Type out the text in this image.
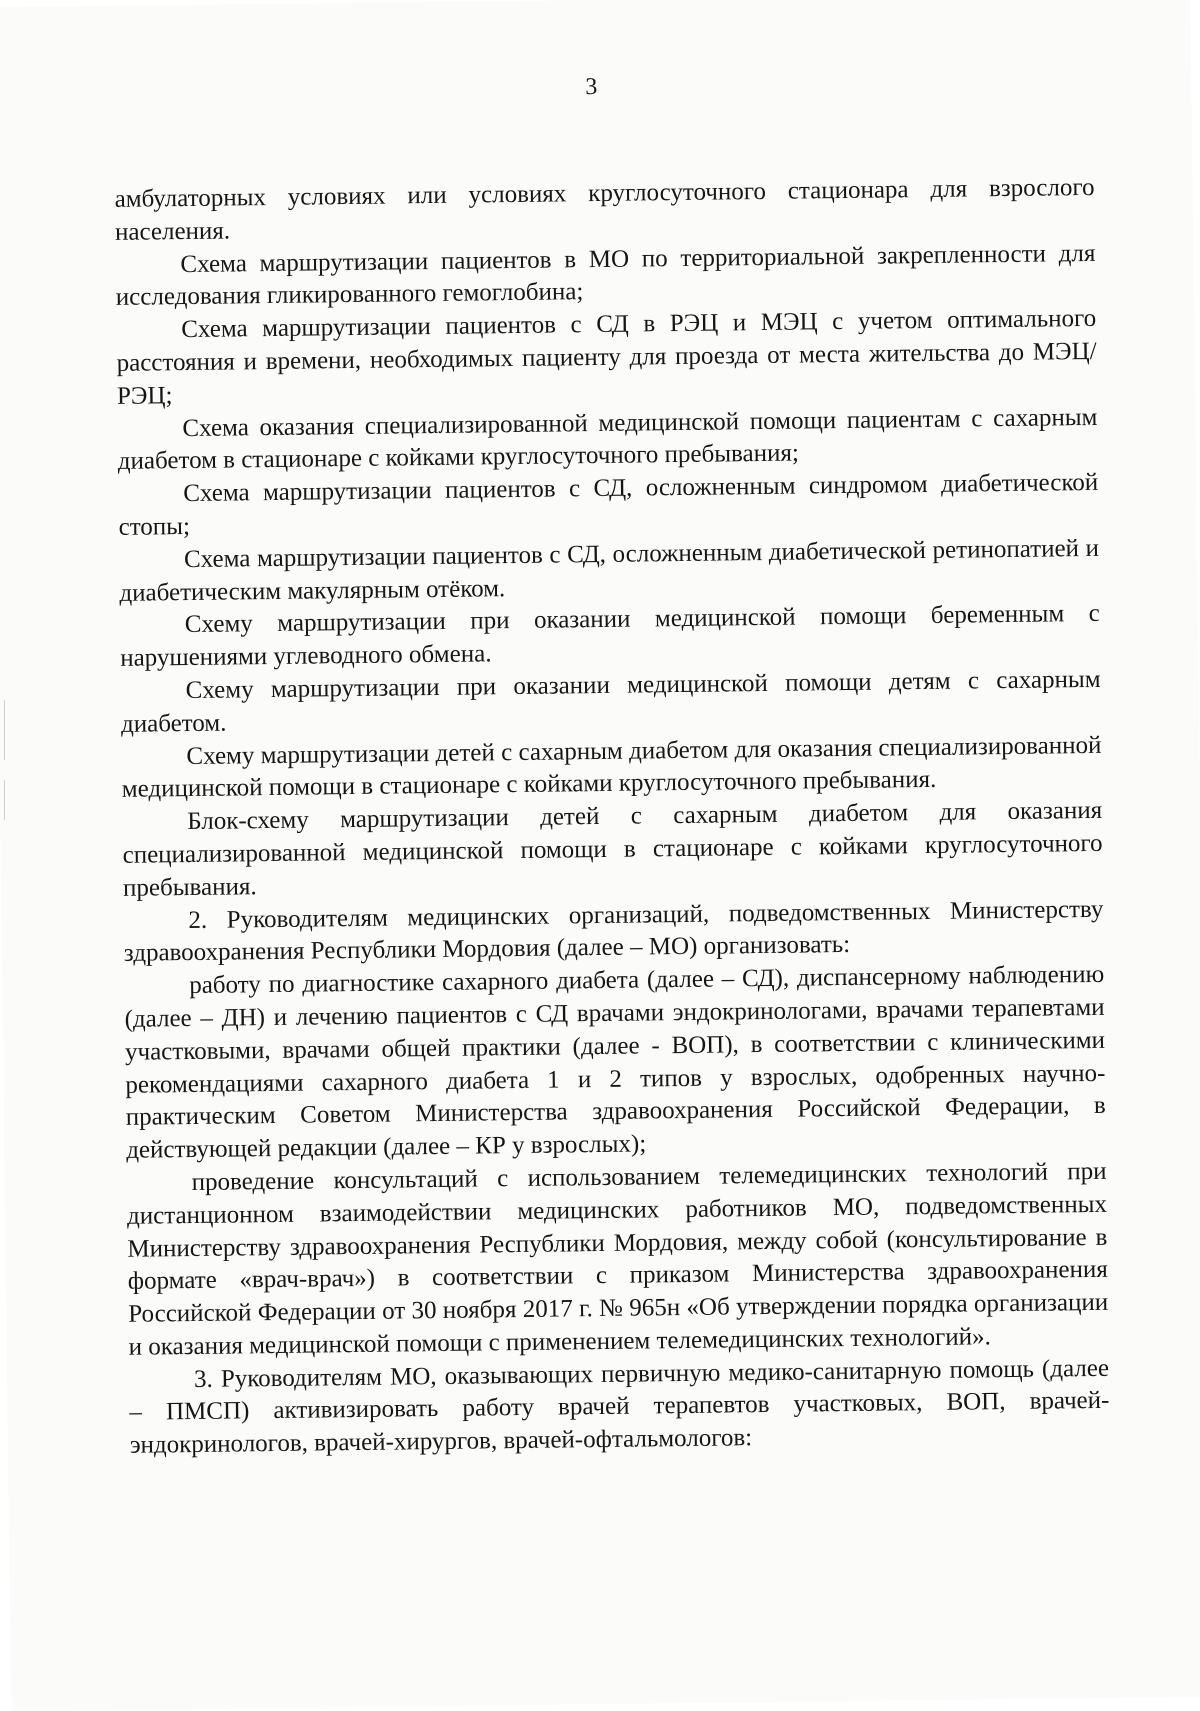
3

амбулаторных условиях или условиях круглосуточного стационара для взрослого населения.

Схема маршрутизации пациентов в МО по территориальной закрепленности для исследования гликированного гемоглобина;

Схема маршрутизации пациентов с СД в РЭЦ и МЭЦ с учетом оптимального расстояния и времени, необходимых пациенту для проезда от места жительства до МЭЦ/РЭЦ;

Схема оказания специализированной медицинской помощи пациентам с сахарным диабетом в стационаре с койками круглосуточного пребывания;

Схема маршрутизации пациентов с СД, осложненным синдромом диабетической стопы;

Схема маршрутизации пациентов с СД, осложненным диабетической ретинопатией и диабетическим макулярным отёком.

Схему маршрутизации при оказании медицинской помощи беременным с нарушениями углеводного обмена.

Схему маршрутизации при оказании медицинской помощи детям с сахарным диабетом.

Схему маршрутизации детей с сахарным диабетом для оказания специализированной медицинской помощи в стационаре с койками круглосуточного пребывания.

Блок-схему маршрутизации детей с сахарным диабетом для оказания специализированной медицинской помощи в стационаре с койками круглосуточного пребывания.

2. Руководителям медицинских организаций, подведомственных Министерству здравоохранения Республики Мордовия (далее – МО) организовать:

работу по диагностике сахарного диабета (далее – СД), диспансерному наблюдению (далее – ДН) и лечению пациентов с СД врачами эндокринологами, врачами терапевтами участковыми, врачами общей практики (далее - ВОП), в соответствии с клиническими рекомендациями сахарного диабета 1 и 2 типов у взрослых, одобренных научно-практическим Советом Министерства здравоохранения Российской Федерации, в действующей редакции (далее – КР у взрослых);

проведение консультаций с использованием телемедицинских технологий при дистанционном взаимодействии медицинских работников МО, подведомственных Министерству здравоохранения Республики Мордовия, между собой (консультирование в формате «врач-врач») в соответствии с приказом Министерства здравоохранения Российской Федерации от 30 ноября 2017 г. № 965н «Об утверждении порядка организации и оказания медицинской помощи с применением телемедицинских технологий».

3. Руководителям МО, оказывающих первичную медико-санитарную помощь (далее – ПМСП) активизировать работу врачей терапевтов участковых, ВОП, врачей-эндокринологов, врачей-хирургов, врачей-офтальмологов:
